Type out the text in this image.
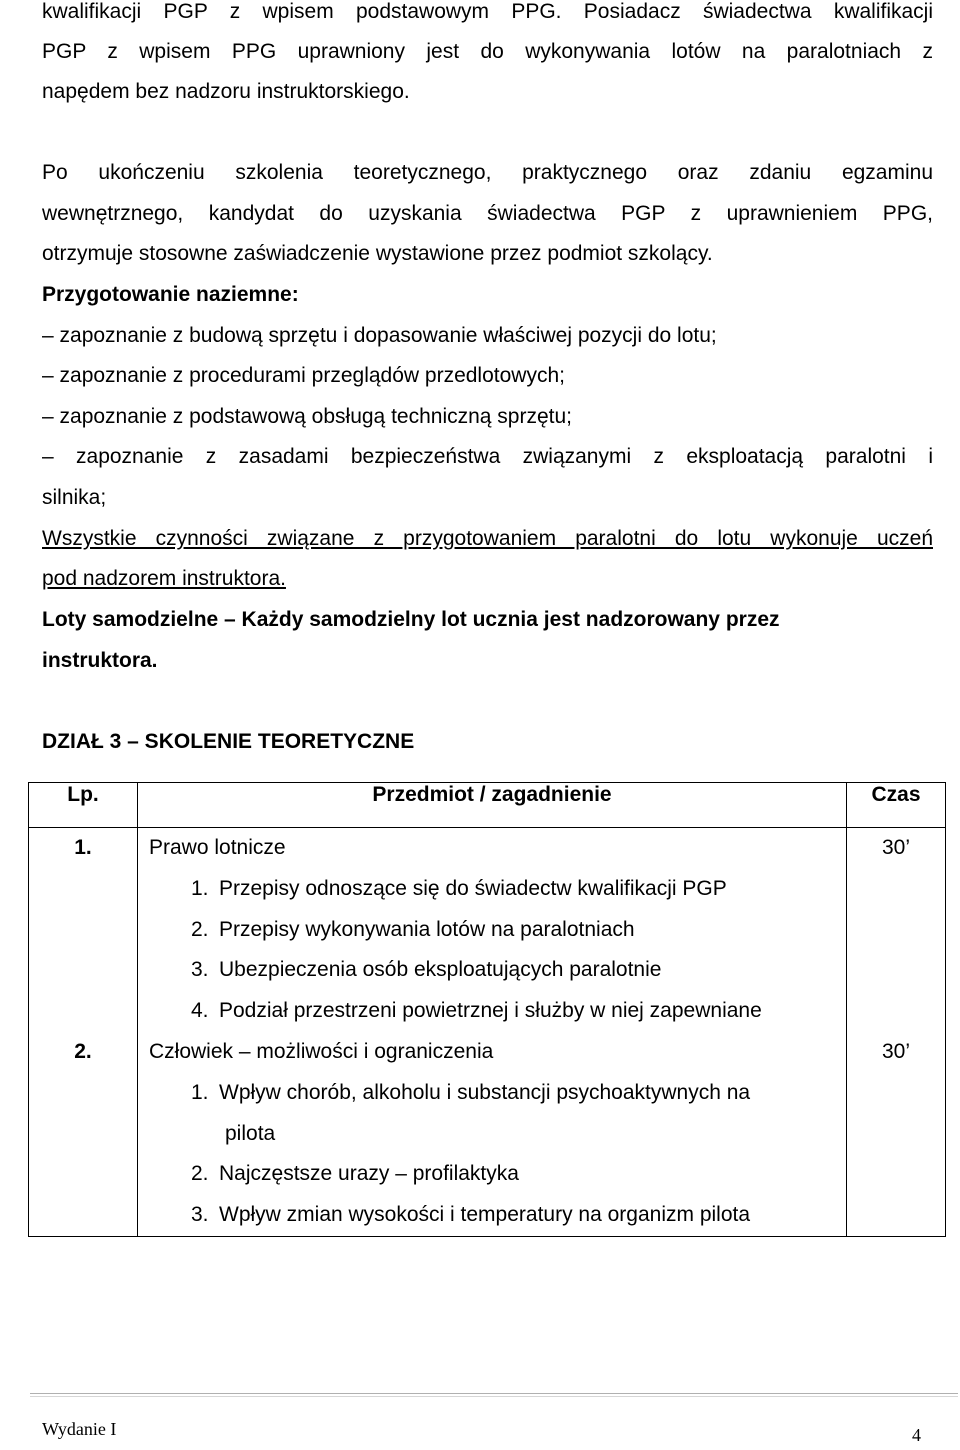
kwalifikacji PGP z wpisem podstawowym PPG. Posiadacz świadectwa kwalifikacji
PGP z wpisem PPG uprawniony jest do wykonywania lotów na paralotniach z
napędem bez nadzoru instruktorskiego.
Po ukończeniu szkolenia teoretycznego, praktycznego oraz zdaniu egzaminu
wewnętrznego, kandydat do uzyskania świadectwa PGP z uprawnieniem PPG,
otrzymuje stosowne zaświadczenie wystawione przez podmiot szkolący.
Przygotowanie naziemne:
– zapoznanie z budową sprzętu i dopasowanie właściwej pozycji do lotu;
– zapoznanie z procedurami przeglądów przedlotowych;
– zapoznanie z podstawową obsługą techniczną sprzętu;
– zapoznanie z zasadami bezpieczeństwa związanymi z eksploatacją paralotni i
silnika;
Wszystkie czynności związane z przygotowaniem paralotni do lotu wykonuje uczeń
pod nadzorem instruktora.
Loty samodzielne – Każdy samodzielny lot ucznia jest nadzorowany przez
instruktora.
DZIAŁ 3 – SKOLENIE TEORETYCZNE
Lp.	Przedmiot / zagadnienie	Czas
1.	Prawo lotnicze
1. Przepisy odnoszące się do świadectw kwalifikacji PGP
2. Przepisy wykonywania lotów na paralotniach
3. Ubezpieczenia osób eksploatujących paralotnie
4. Podział przestrzeni powietrznej i służby w niej zapewniane	30’
2.	Człowiek – możliwości i ograniczenia
1. Wpływ chorób, alkoholu i substancji psychoaktywnych na
pilota
2. Najczęstsze urazy – profilaktyka
3. Wpływ zmian wysokości i temperatury na organizm pilota	30’
Wydanie I	4
